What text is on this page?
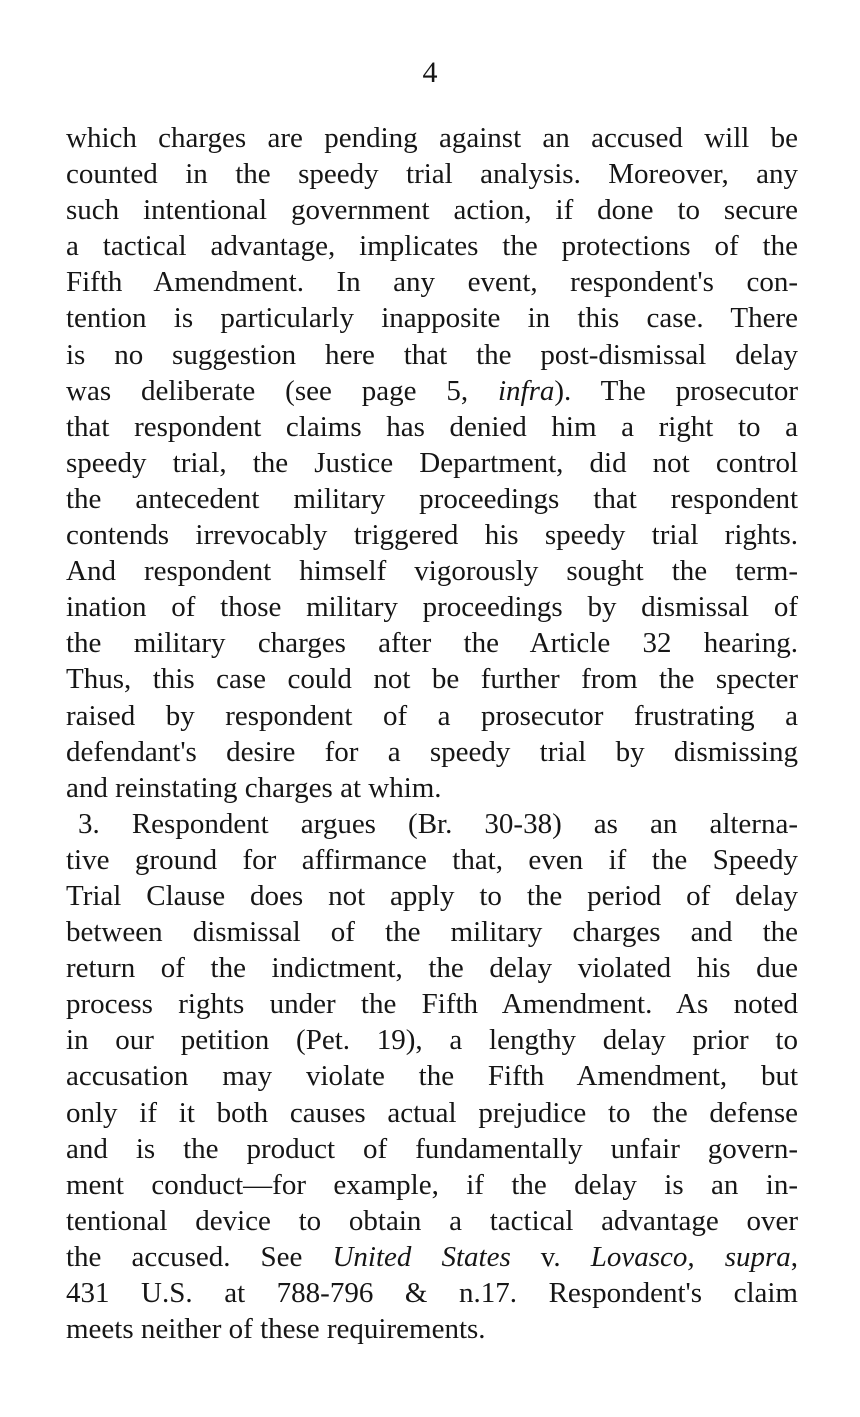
4
which charges are pending against an accused will be
counted in the speedy trial analysis. Moreover, any
such intentional government action, if done to secure
a tactical advantage, implicates the protections of the
Fifth Amendment. In any event, respondent's con-
tention is particularly inapposite in this case. There
is no suggestion here that the post-dismissal delay
was deliberate (see page 5, infra). The prosecutor
that respondent claims has denied him a right to a
speedy trial, the Justice Department, did not control
the antecedent military proceedings that respondent
contends irrevocably triggered his speedy trial rights.
And respondent himself vigorously sought the term-
ination of those military proceedings by dismissal of
the military charges after the Article 32 hearing.
Thus, this case could not be further from the specter
raised by respondent of a prosecutor frustrating a
defendant's desire for a speedy trial by dismissing
and reinstating charges at whim.
3. Respondent argues (Br. 30-38) as an alterna-
tive ground for affirmance that, even if the Speedy
Trial Clause does not apply to the period of delay
between dismissal of the military charges and the
return of the indictment, the delay violated his due
process rights under the Fifth Amendment. As noted
in our petition (Pet. 19), a lengthy delay prior to
accusation may violate the Fifth Amendment, but
only if it both causes actual prejudice to the defense
and is the product of fundamentally unfair govern-
ment conduct—for example, if the delay is an in-
tentional device to obtain a tactical advantage over
the accused. See United States v. Lovasco, supra,
431 U.S. at 788-796 & n.17. Respondent's claim
meets neither of these requirements.
